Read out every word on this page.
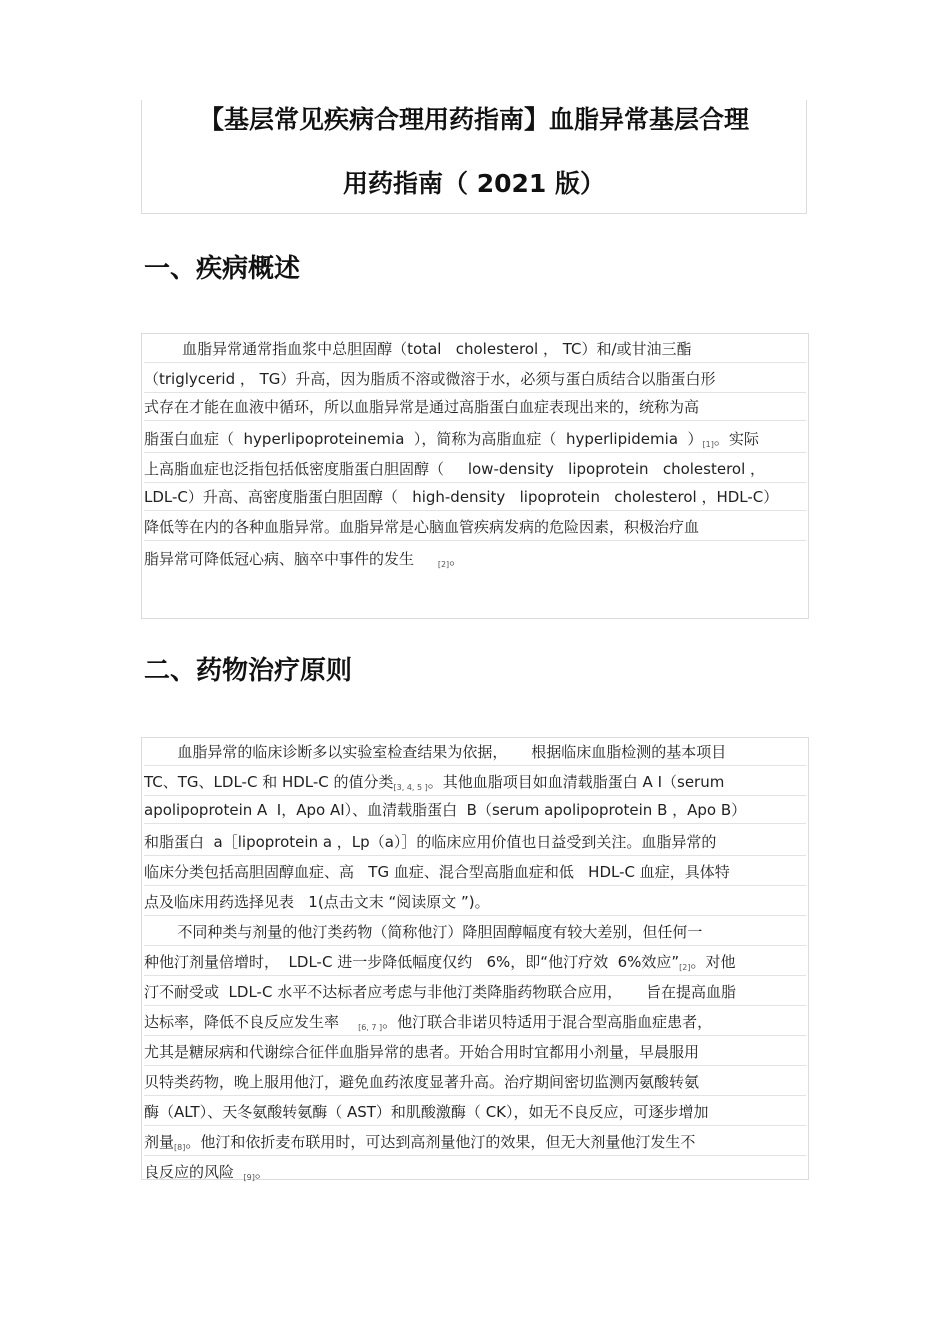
【基层常见疾病合理用药指南】血脂异常基层合理
用药指南（ 2021 版）
一、疾病概述
血脂异常通常指血浆中总胆固醇（total   cholesterol ， TC）和/或甘油三酯
（triglycerid ， TG）升高，因为脂质不溶或微溶于水，必须与蛋白质结合以脂蛋白形
式存在才能在血液中循环，所以血脂异常是通过高脂蛋白血症表现出来的，统称为高
脂蛋白血症（  hyperlipoproteinemia  ），简称为高脂血症（  hyperlipidemia  ）[1]。实际
上高脂血症也泛指包括低密度脂蛋白胆固醇（     low-density   lipoprotein   cholesterol ，
LDL-C）升高、高密度脂蛋白胆固醇（   high-density   lipoprotein   cholesterol ，HDL-C）
降低等在内的各种血脂异常。血脂异常是心脑血管疾病发病的危险因素，积极治疗血
脂异常可降低冠心病、脑卒中事件的发生     [2]。
二、药物治疗原则
血脂异常的临床诊断多以实验室检查结果为依据，     根据临床血脂检测的基本项目
TC、TG、LDL-C 和 HDL-C 的值分类[3, 4, 5 ]。其他血脂项目如血清载脂蛋白 A Ⅰ（serum
apolipoprotein A  Ⅰ，Apo AⅠ）、血清载脂蛋白  B（serum apolipoprotein B ，Apo B）
和脂蛋白  a［lipoprotein a ，Lp（a）］的临床应用价值也日益受到关注。血脂异常的
临床分类包括高胆固醇血症、高   TG 血症、混合型高脂血症和低   HDL-C 血症，具体特
点及临床用药选择见表   1(点击文末 “阅读原文 ”)。
不同种类与剂量的他汀类药物（简称他汀）降胆固醇幅度有较大差别，但任何一
种他汀剂量倍增时，  LDL-C 进一步降低幅度仅约   6%，即“他汀疗效  6%效应”[2]。对他
汀不耐受或  LDL-C 水平不达标者应考虑与非他汀类降脂药物联合应用，     旨在提高血脂
达标率，降低不良反应发生率    [6, 7 ]。他汀联合非诺贝特适用于混合型高脂血症患者，
尤其是糖尿病和代谢综合征伴血脂异常的患者。开始合用时宜都用小剂量，早晨服用
贝特类药物，晚上服用他汀，避免血药浓度显著升高。治疗期间密切监测丙氨酸转氨
酶（ALT）、天冬氨酸转氨酶（ AST）和肌酸激酶（ CK），如无不良反应，可逐步增加
剂量[8]。他汀和依折麦布联用时，可达到高剂量他汀的效果，但无大剂量他汀发生不
良反应的风险  [9]。
